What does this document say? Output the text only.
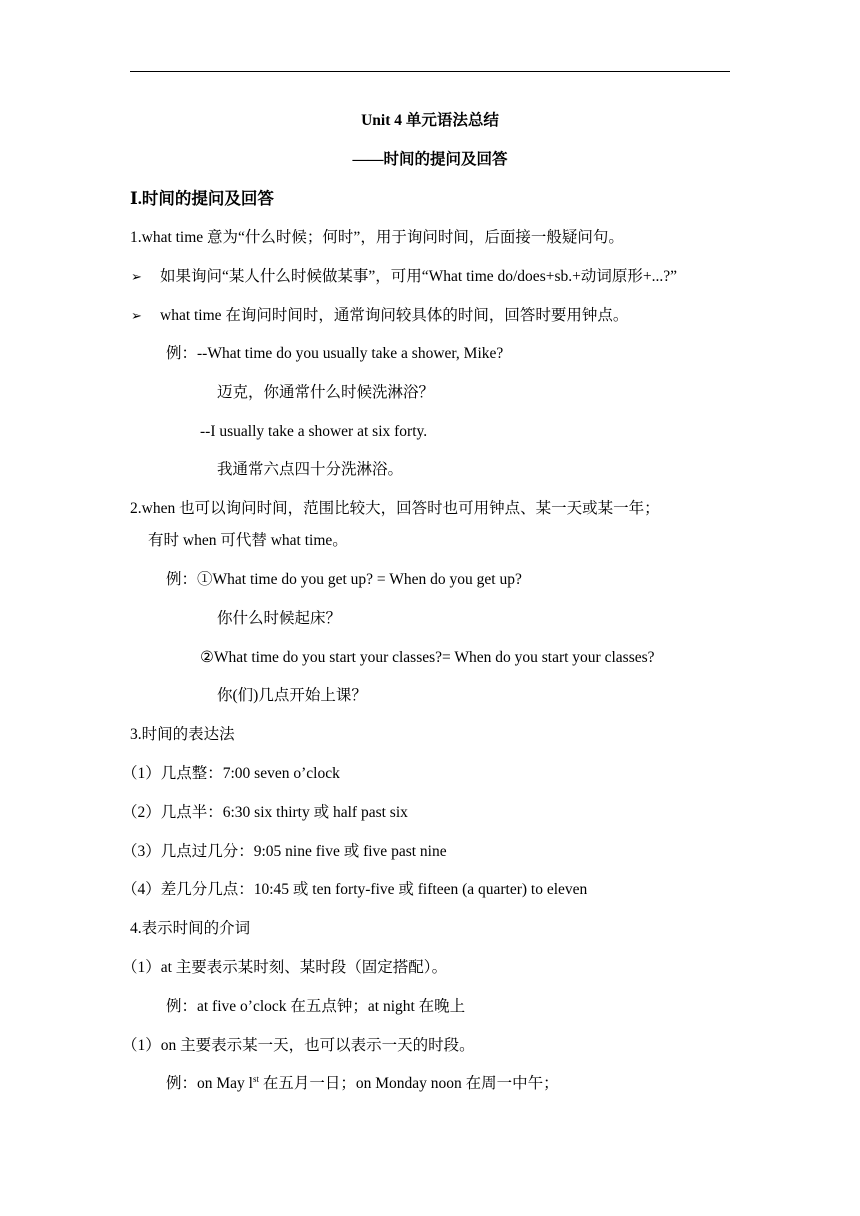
Unit 4 单元语法总结
——时间的提问及回答
Ⅰ.时间的提问及回答
1.what time 意为“什么时候；何时”，用于询问时间，后面接一般疑问句。
➢ 如果询问“某人什么时候做某事”，可用“What time do/does+sb.+动词原形+...?”
➢ what time 在询问时间时，通常询问较具体的时间，回答时要用钟点。
例：--What time do you usually take a shower, Mike?
迈克，你通常什么时候洗淋浴？
--I usually take a shower at six forty.
我通常六点四十分洗淋浴。
2.when 也可以询问时间，范围比较大，回答时也可用钟点、某一天或某一年；
有时 when 可代替 what time。
例：①What time do you get up? = When do you get up?
你什么时候起床？
②What time do you start your classes?= When do you start your classes?
你(们)几点开始上课？
3.时间的表达法
（1）几点整：7:00 seven o’clock
（2）几点半：6:30 six thirty 或 half past six
（3）几点过几分：9:05 nine five 或 five past nine
（4）差几分几点：10:45 或 ten forty-five 或 fifteen (a quarter) to eleven
4.表示时间的介词
（1）at 主要表示某时刻、某时段（固定搭配）。
例：at five o’clock 在五点钟；at night 在晚上
（1）on 主要表示某一天，也可以表示一天的时段。
例：on May $l^{st}$ 在五月一日；on Monday noon 在周一中午；
